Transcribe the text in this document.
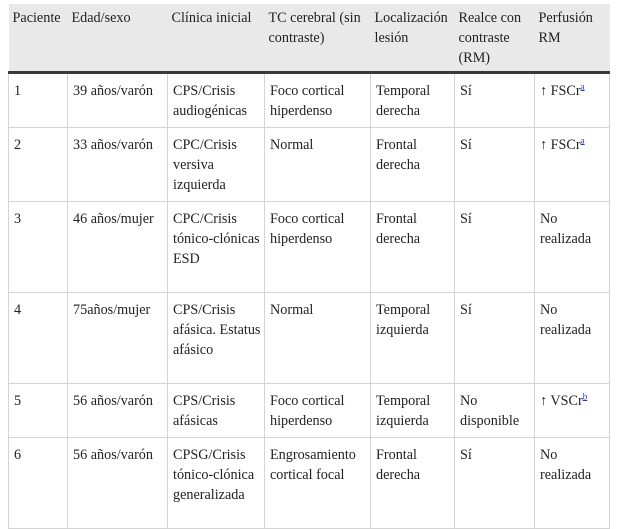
Paciente	Edad/sexo	Clínica inicial	TC cerebral (sin contraste)	Localización lesión	Realce con contraste (RM)	Perfusión RM
1	39 años/varón	CPS/Crisis audiogénicas	Foco cortical hiperdenso	Temporal derecha	Sí	↑ FSCr$^a$
2	33 años/varón	CPC/Crisis versiva izquierda	Normal	Frontal derecha	Sí	↑ FSCr$^a$
3	46 años/mujer	CPC/Crisis tónico-clónicas ESD	Foco cortical hiperdenso	Frontal derecha	Sí	No realizada
4	75años/mujer	CPS/Crisis afásica. Estatus afásico	Normal	Temporal izquierda	Sí	No realizada
5	56 años/varón	CPS/Crisis afásicas	Foco cortical hiperdenso	Temporal izquierda	No disponible	↑ VSCr$^b$
6	56 años/varón	CPSG/Crisis tónico-clónica generalizada	Engrosamiento cortical focal	Frontal derecha	Sí	No realizada
